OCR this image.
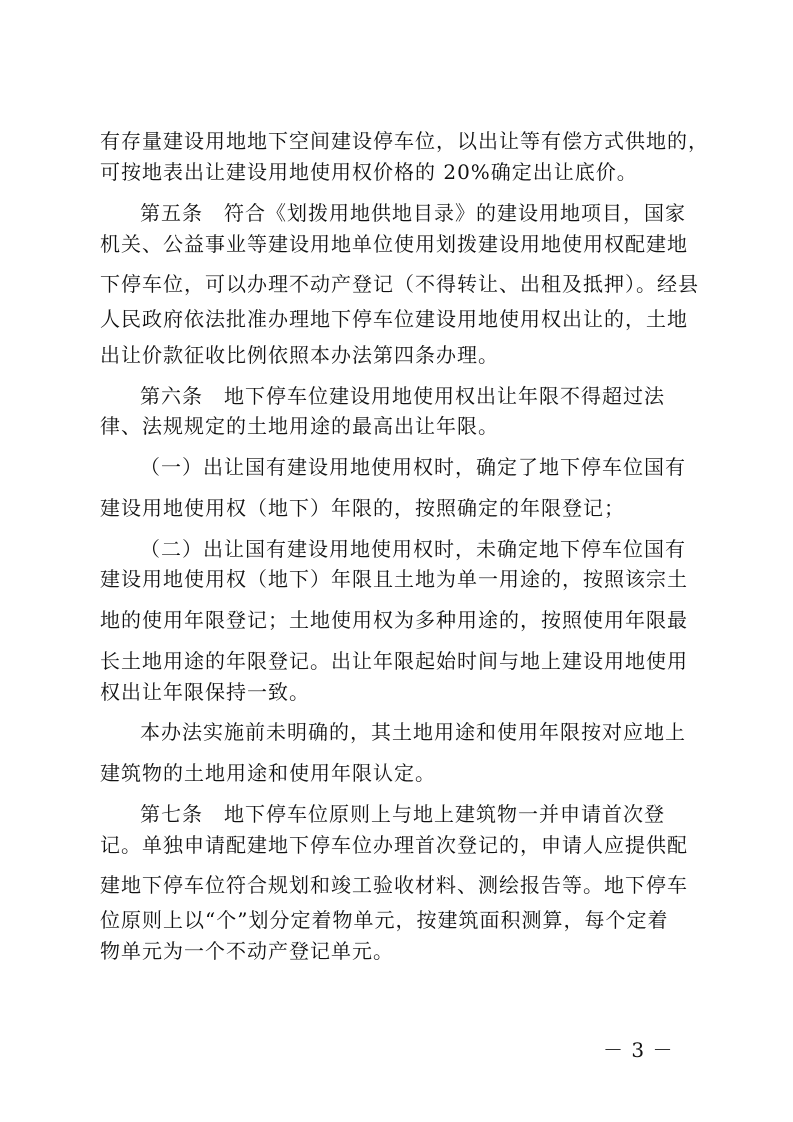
有存量建设用地地下空间建设停车位，以出让等有偿方式供地的，
可按地表出让建设用地使用权价格的 20%确定出让底价。
第五条　符合《划拨用地供地目录》的建设用地项目，国家
机关、公益事业等建设用地单位使用划拨建设用地使用权配建地
下停车位，可以办理不动产登记（不得转让、出租及抵押）。经县
人民政府依法批准办理地下停车位建设用地使用权出让的，土地
出让价款征收比例依照本办法第四条办理。
第六条　地下停车位建设用地使用权出让年限不得超过法
律、法规规定的土地用途的最高出让年限。
（一）出让国有建设用地使用权时，确定了地下停车位国有
建设用地使用权（地下）年限的，按照确定的年限登记；
（二）出让国有建设用地使用权时，未确定地下停车位国有
建设用地使用权（地下）年限且土地为单一用途的，按照该宗土
地的使用年限登记；土地使用权为多种用途的，按照使用年限最
长土地用途的年限登记。出让年限起始时间与地上建设用地使用
权出让年限保持一致。
本办法实施前未明确的，其土地用途和使用年限按对应地上
建筑物的土地用途和使用年限认定。
第七条　地下停车位原则上与地上建筑物一并申请首次登
记。单独申请配建地下停车位办理首次登记的，申请人应提供配
建地下停车位符合规划和竣工验收材料、测绘报告等。地下停车
位原则上以“个”划分定着物单元，按建筑面积测算，每个定着
物单元为一个不动产登记单元。
－ 3 －
